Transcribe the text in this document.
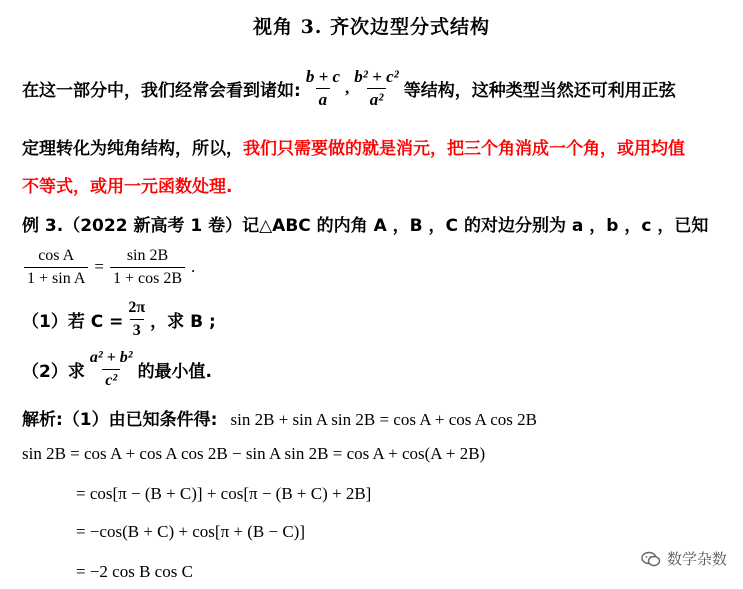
视角 3. 齐次边型分式结构
在这一部分中，我们经常会看到诸如: $\frac{b + c}{a}$ , $\frac{\text{b² + c²}}{\text{a²}}$ 等结构，这种类型当然还可利用正弦
定理转化为纯角结构，所以，我们只需要做的就是消元，把三个角消成一个角，或用均值
不等式，或用一元函数处理.
例 3.（2022 新高考 1 卷）记△ABC 的内角 A ，B ，C 的对边分别为 a ，b ，c ，已知
$\frac{\text{cos A}}{\text{1 + sin A}} = \frac{\sin 2B}{1 + \cos 2B}$ .
（1）若 $C = \frac{2\pi}{3}$ ，求 B ;
（2）求 $\frac{\text{a² + b²}}{\text{c²}}$ 的最小值.
解析:（1）由已知条件得: sin 2B + sin A sin 2B = cos A + cos A cos 2B
sin 2B = cos A + cos A cos 2B − sin A sin 2B = cos A + cos(A + 2B)
= cos[π − (B + C)] + cos[π − (B + C) + 2B]
= −cos(B + C) + cos[π + (B − C)]
= −2 cos B cos C
数学杂数
